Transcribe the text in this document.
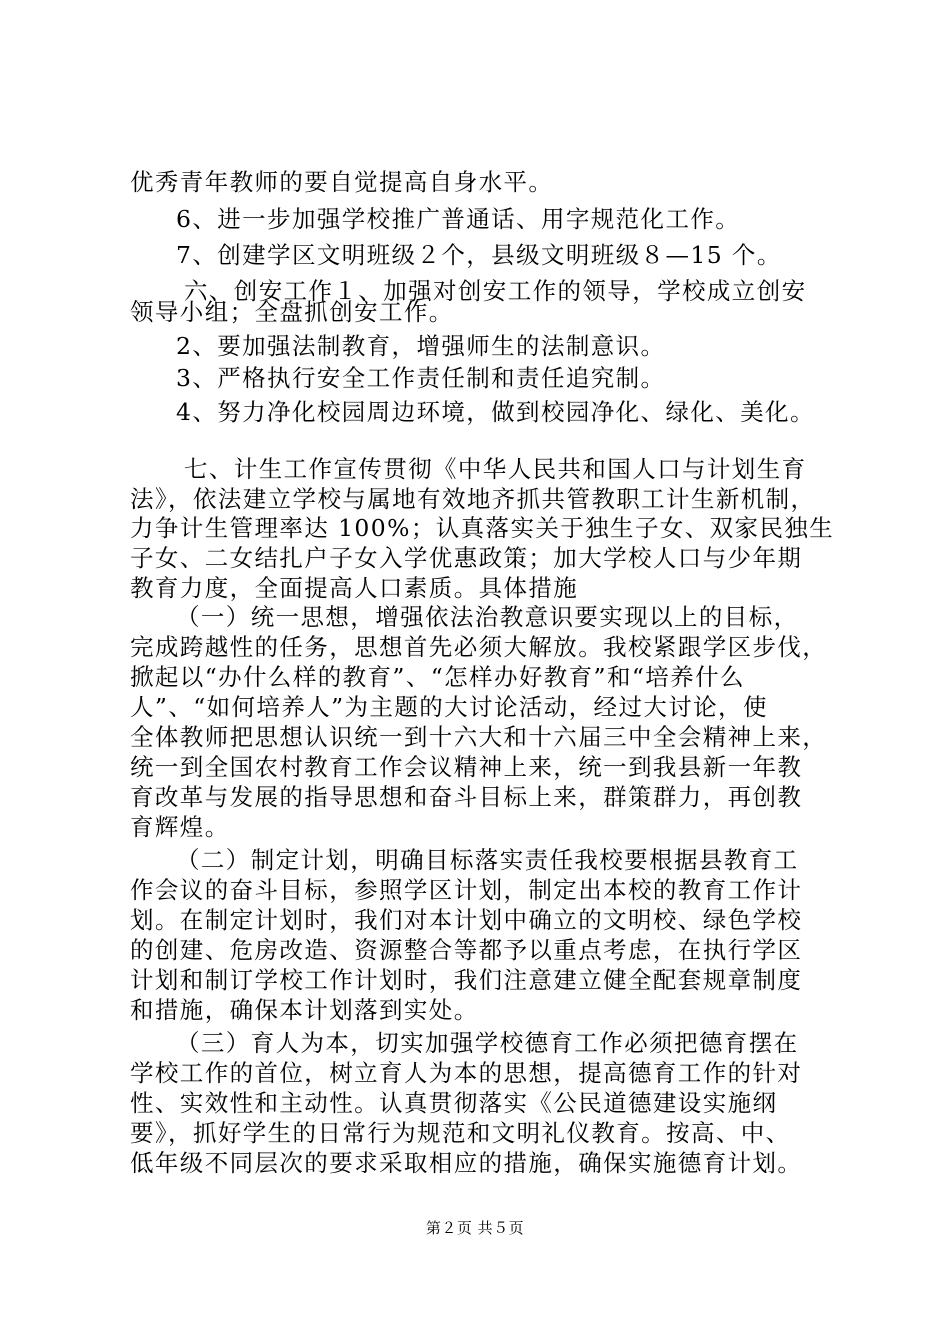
优秀青年教师的要自觉提高自身水平。
6、进一步加强学校推广普通话、用字规范化工作。
7、创建学区文明班级２个，县级文明班级８—15 个。
六、创安工作１、加强对创安工作的领导，学校成立创安
领导小组；全盘抓创安工作。
2、要加强法制教育，增强师生的法制意识。
3、严格执行安全工作责任制和责任追究制。
4、努力净化校园周边环境，做到校园净化、绿化、美化。
七、计生工作宣传贯彻《中华人民共和国人口与计划生育
法》，依法建立学校与属地有效地齐抓共管教职工计生新机制，
力争计生管理率达 100%；认真落实关于独生子女、双家民独生
子女、二女结扎户子女入学优惠政策；加大学校人口与少年期
教育力度，全面提高人口素质。具体措施
（一）统一思想，增强依法治教意识要实现以上的目标，
完成跨越性的任务，思想首先必须大解放。我校紧跟学区步伐，
掀起以“办什么样的教育”、“怎样办好教育”和“培养什么
人”、“如何培养人”为主题的大讨论活动，经过大讨论，使
全体教师把思想认识统一到十六大和十六届三中全会精神上来，
统一到全国农村教育工作会议精神上来，统一到我县新一年教
育改革与发展的指导思想和奋斗目标上来，群策群力，再创教
育辉煌。
（二）制定计划，明确目标落实责任我校要根据县教育工
作会议的奋斗目标，参照学区计划，制定出本校的教育工作计
划。在制定计划时，我们对本计划中确立的文明校、绿色学校
的创建、危房改造、资源整合等都予以重点考虑，在执行学区
计划和制订学校工作计划时，我们注意建立健全配套规章制度
和措施，确保本计划落到实处。
（三）育人为本，切实加强学校德育工作必须把德育摆在
学校工作的首位，树立育人为本的思想，提高德育工作的针对
性、实效性和主动性。认真贯彻落实《公民道德建设实施纲
要》，抓好学生的日常行为规范和文明礼仪教育。按高、中、
低年级不同层次的要求采取相应的措施，确保实施德育计划。
第２页 共５页
